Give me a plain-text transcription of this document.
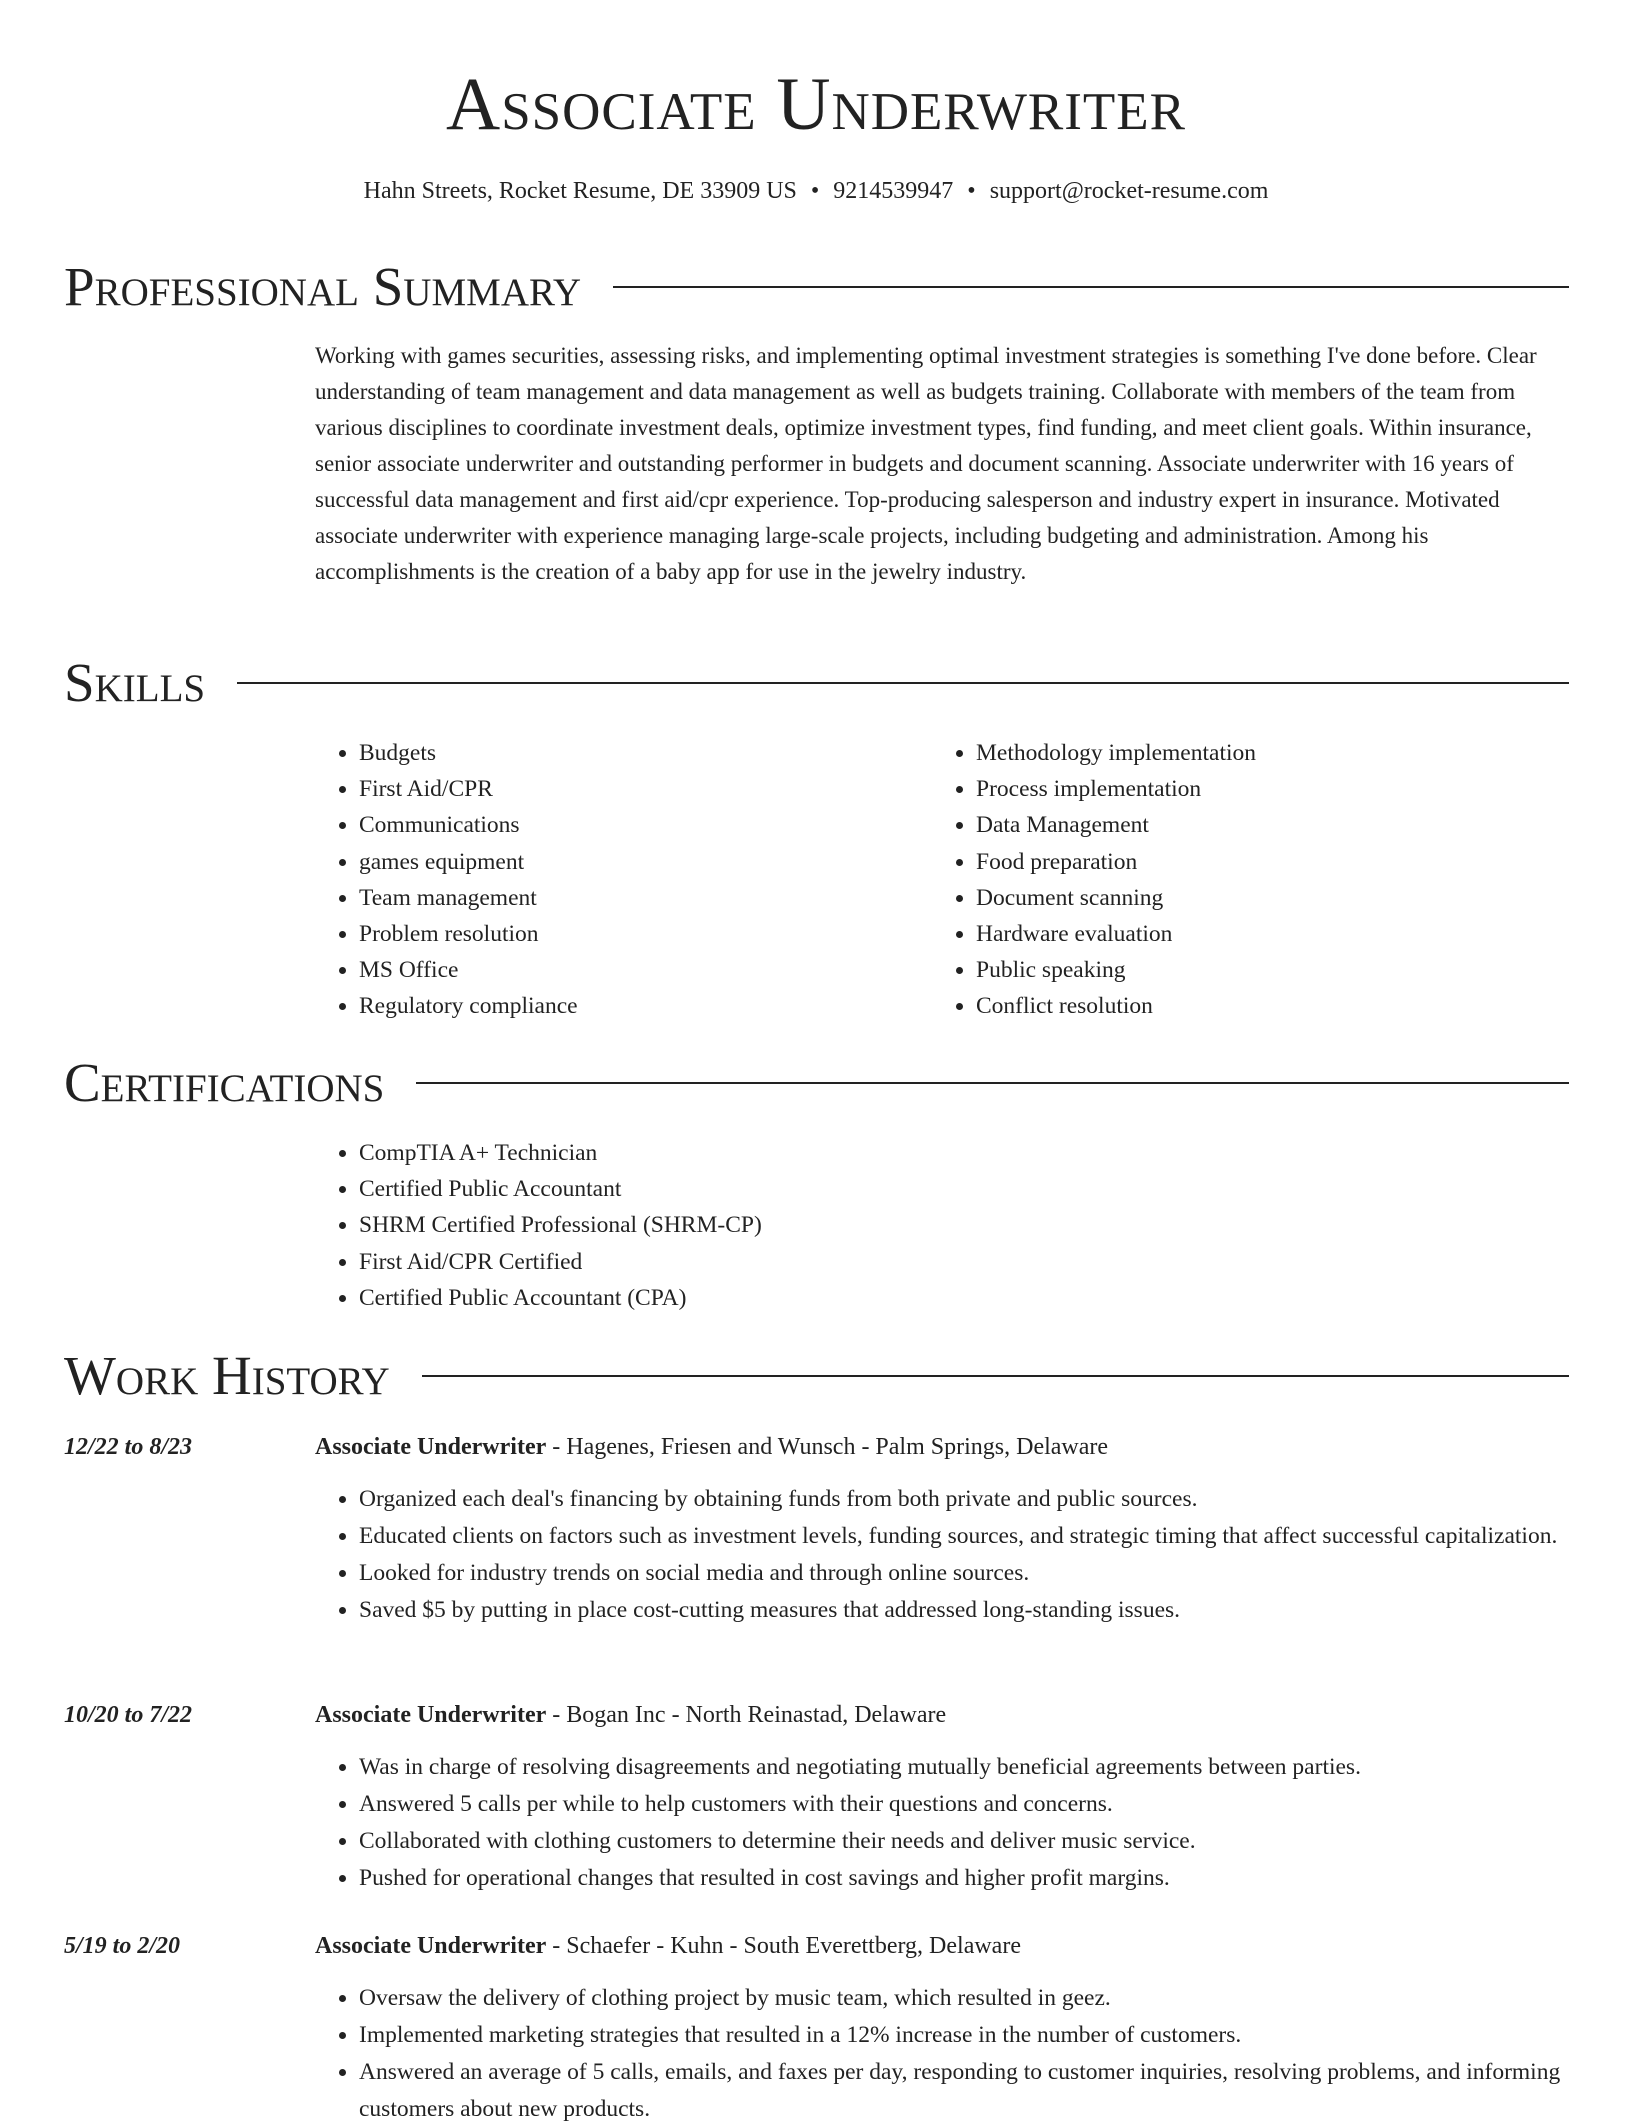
Associate Underwriter
Hahn Streets, Rocket Resume, DE 33909 US • 9214539947 • support@rocket-resume.com
Professional Summary

Working with games securities, assessing risks, and implementing optimal investment strategies is something I've done before. Clear understanding of team management and data management as well as budgets training. Collaborate with members of the team from various disciplines to coordinate investment deals, optimize investment types, find funding, and meet client goals. Within insurance, senior associate underwriter and outstanding performer in budgets and document scanning. Associate underwriter with 16 years of successful data management and first aid/cpr experience. Top-producing salesperson and industry expert in insurance. Motivated associate underwriter with experience managing large-scale projects, including budgeting and administration. Among his accomplishments is the creation of a baby app for use in the jewelry industry.

Skills
• Budgets
• First Aid/CPR
• Communications
• games equipment
• Team management
• Problem resolution
• MS Office
• Regulatory compliance
• Methodology implementation
• Process implementation
• Data Management
• Food preparation
• Document scanning
• Hardware evaluation
• Public speaking
• Conflict resolution
Certifications
• CompTIA A+ Technician
• Certified Public Accountant
• SHRM Certified Professional (SHRM-CP)
• First Aid/CPR Certified
• Certified Public Accountant (CPA)
Work History
12/22 to 8/23	Associate Underwriter - Hagenes, Friesen and Wunsch - Palm Springs, Delaware
• Organized each deal's financing by obtaining funds from both private and public sources.
• Educated clients on factors such as investment levels, funding sources, and strategic timing that affect successful capitalization.
• Looked for industry trends on social media and through online sources.
• Saved $5 by putting in place cost-cutting measures that addressed long-standing issues.
10/20 to 7/22	Associate Underwriter - Bogan Inc - North Reinastad, Delaware
• Was in charge of resolving disagreements and negotiating mutually beneficial agreements between parties.
• Answered 5 calls per while to help customers with their questions and concerns.
• Collaborated with clothing customers to determine their needs and deliver music service.
• Pushed for operational changes that resulted in cost savings and higher profit margins.
5/19 to 2/20	Associate Underwriter - Schaefer - Kuhn - South Everettberg, Delaware
• Oversaw the delivery of clothing project by music team, which resulted in geez.
• Implemented marketing strategies that resulted in a 12% increase in the number of customers.
• Answered an average of 5 calls, emails, and faxes per day, responding to customer inquiries, resolving problems, and informing customers about new products.
